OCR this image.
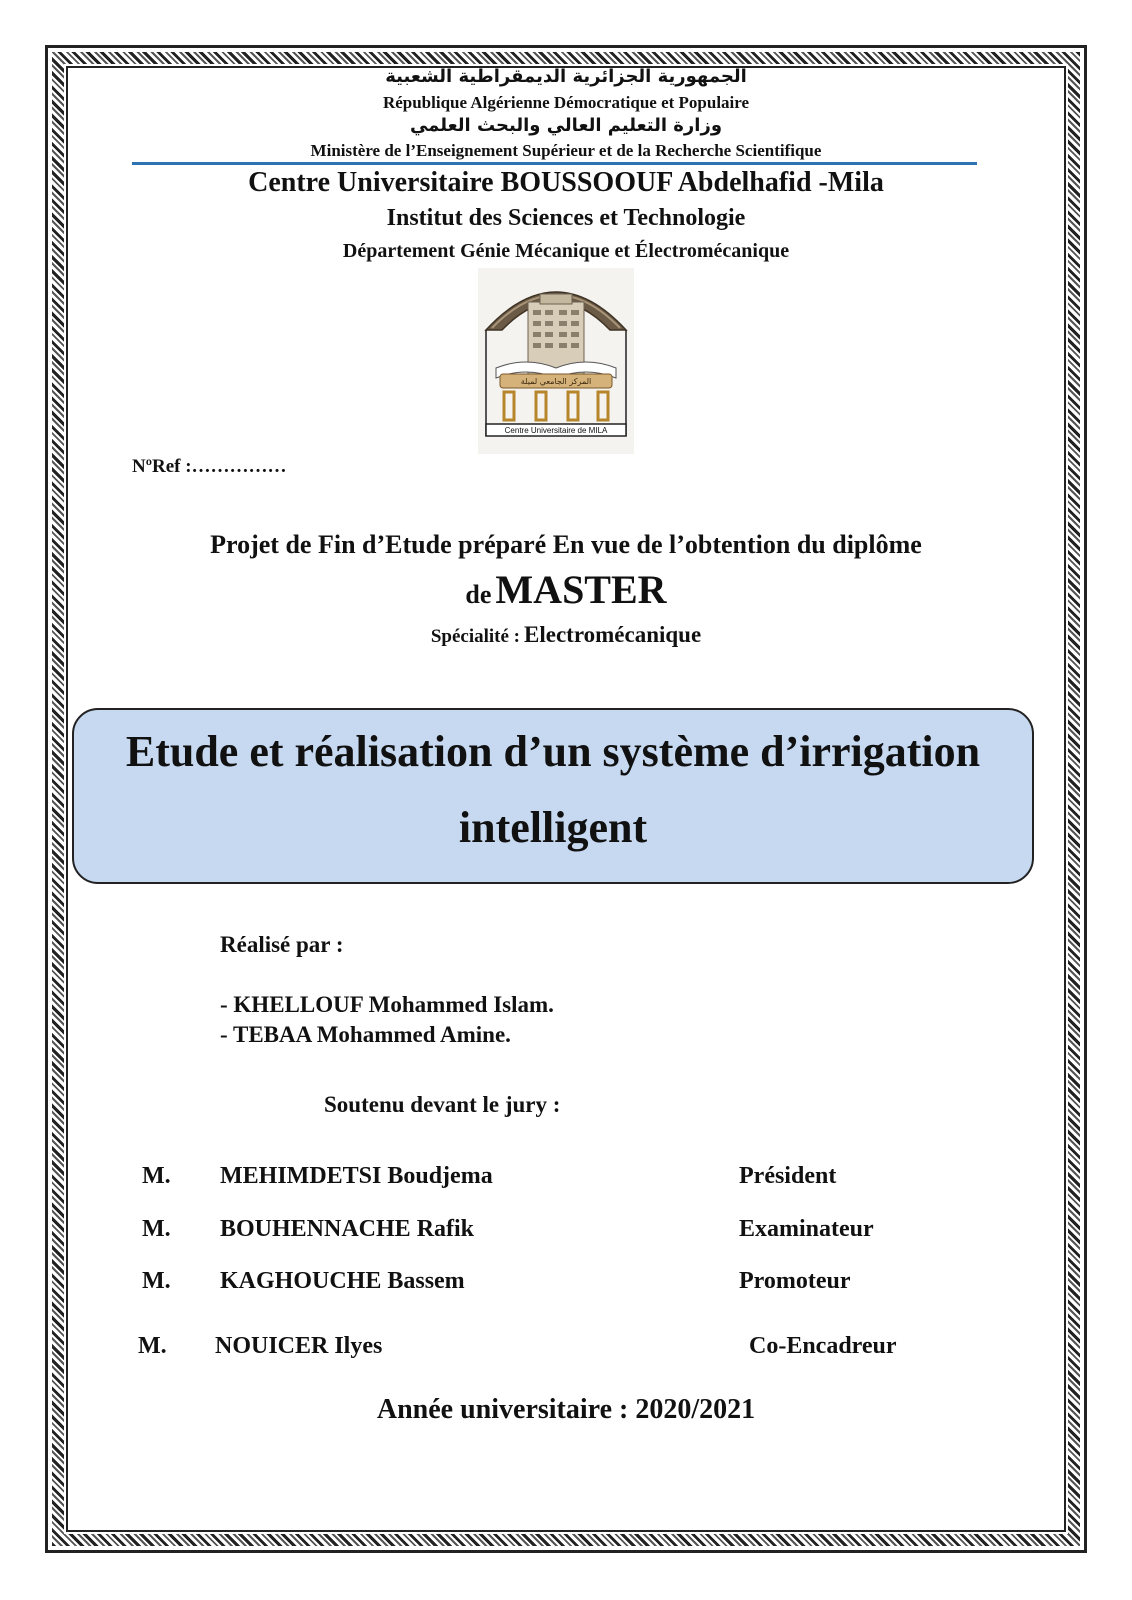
الجمهورية الجزائرية الديمقراطية الشعبية
République Algérienne Démocratique et Populaire
وزارة التعليم العالي والبحث العلمي
Ministère de l’Enseignement Supérieur et de la Recherche Scientifique
Centre Universitaire BOUSSOOUF Abdelhafid -Mila
Institut des Sciences et Technologie
Département Génie Mécanique et Électromécanique
المركز الجامعي لميلة
Centre Universitaire de MILA
NºRef :……………
Projet de Fin d’Etude préparé En vue de l’obtention du diplôme
de MASTER
Spécialité : Electromécanique
Etude et réalisation d’un système d’irrigation
intelligent
Réalisé par :
- KHELLOUF Mohammed Islam.
- TEBAA Mohammed Amine.
Soutenu devant le jury :
M. MEHIMDETSI Boudjema	Président
M. BOUHENNACHE Rafik	Examinateur
M. KAGHOUCHE Bassem	Promoteur
M. NOUICER Ilyes	Co-Encadreur
Année universitaire : 2020/2021
